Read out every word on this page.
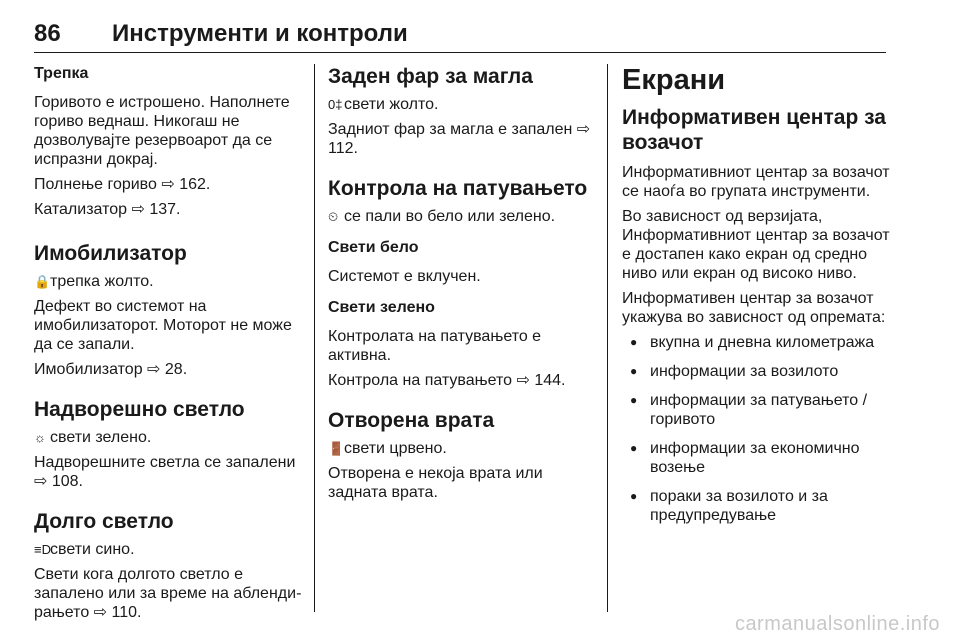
86 Инструменти и контроли
Трепка

Горивото е истрошено. Наполнете гориво веднаш. Никогаш не дозволувајте резервоарот да се испразни докрај.

Полнење гориво ⇨ 162.

Катализатор ⇨ 137.

Имобилизатор

🔒трепка жолто.

Дефект во системот на имобилизаторот. Моторот не може да се запали.

Имобилизатор ⇨ 28.

Надворешно светло

☼ свети зелено.

Надворешните светла се запалени ⇨ 108.

Долго светло

≡Dсвети сино.

Свети кога долгото светло е запалено или за време на аблендирањето ⇨ 110.

Заден фар за магла

0‡свети жолто.

Задниот фар за магла е запален ⇨ 112.

Контрола на патувањето

⏲ се пали во бело или зелено.

Свети бело

Системот е вклучен.

Свети зелено

Контролата на патувањето е активна.

Контрола на патувањето ⇨ 144.

Отворена врата

🚪свети црвено.

Отворена е некоја врата или задната врата.

Екрани
Информативен центар за возачот

Информативниот центар за возачот се наоѓа во групата инструменти.

Во зависност од верзијата, Информативниот центар за возачот е достапен како екран од средно ниво или екран од високо ниво.

Информативен центар за возачот укажува во зависност од опремата:

● вкупна и дневна километража
● информации за возилото
● информации за патувањето / горивото
● информации за економично возење
● пораки за возилото и за предупредување
carmanualsonline.info
